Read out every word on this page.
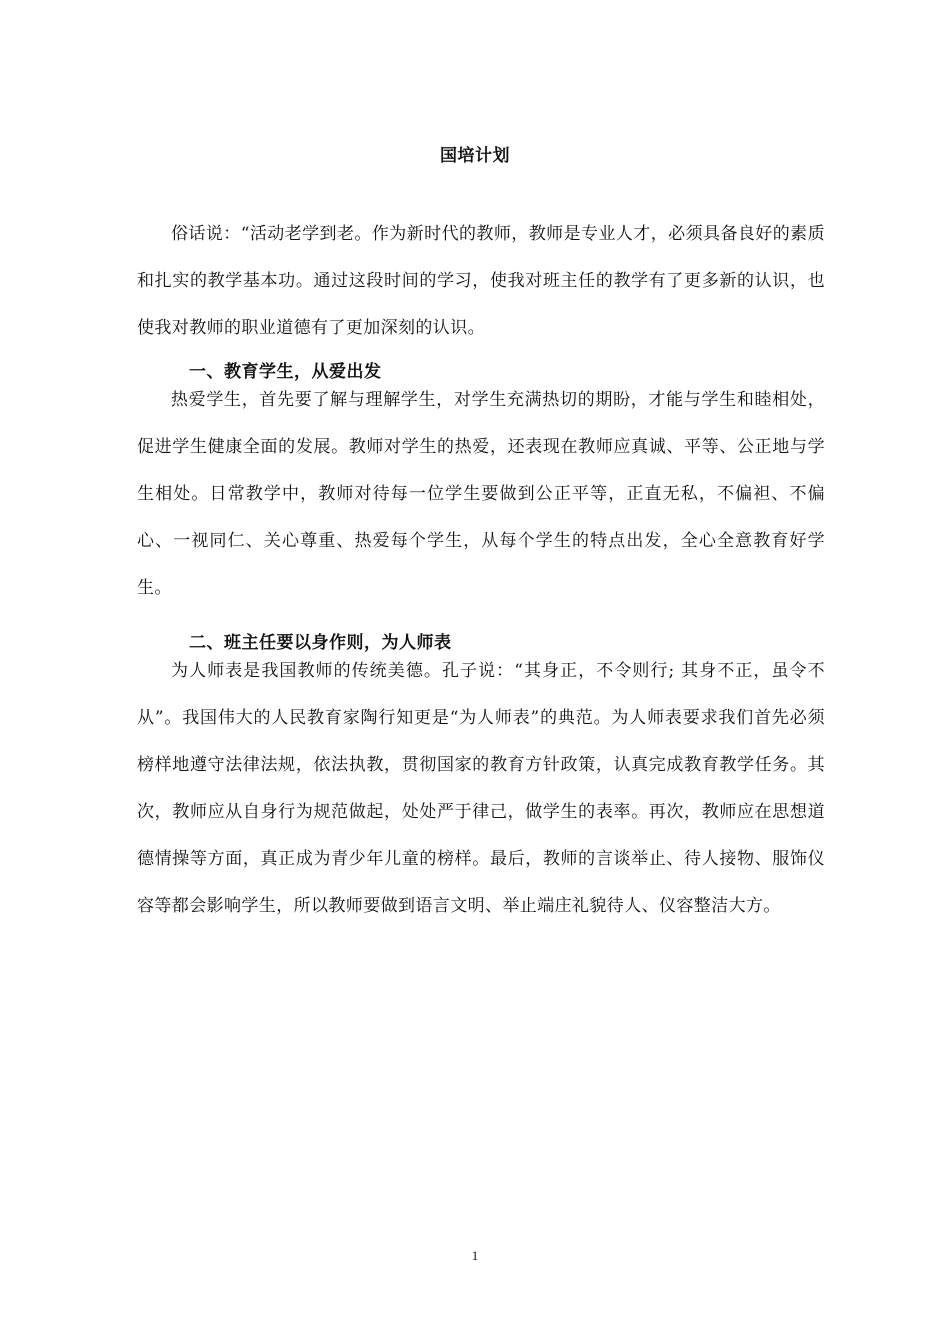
国培计划

俗话说：“活动老学到老。作为新时代的教师，教师是专业人才，必须具备良好的素质和扎实的教学基本功。通过这段时间的学习，使我对班主任的教学有了更多新的认识，也使我对教师的职业道德有了更加深刻的认识。

一、教育学生，从爱出发

热爱学生，首先要了解与理解学生，对学生充满热切的期盼，才能与学生和睦相处，促进学生健康全面的发展。教师对学生的热爱，还表现在教师应真诚、平等、公正地与学生相处。日常教学中，教师对待每一位学生要做到公正平等，正直无私，不偏袒、不偏心、一视同仁、关心尊重、热爱每个学生，从每个学生的特点出发，全心全意教育好学生。

二、班主任要以身作则，为人师表

为人师表是我国教师的传统美德。孔子说：“其身正，不令则行; 其身不正，虽令不从”。我国伟大的人民教育家陶行知更是“为人师表”的典范。为人师表要求我们首先必须榜样地遵守法律法规，依法执教，贯彻国家的教育方针政策，认真完成教育教学任务。其次，教师应从自身行为规范做起，处处严于律己，做学生的表率。再次，教师应在思想道德情操等方面，真正成为青少年儿童的榜样。最后，教师的言谈举止、待人接物、服饰仪容等都会影响学生，所以教师要做到语言文明、举止端庄礼貌待人、仪容整洁大方。

1
